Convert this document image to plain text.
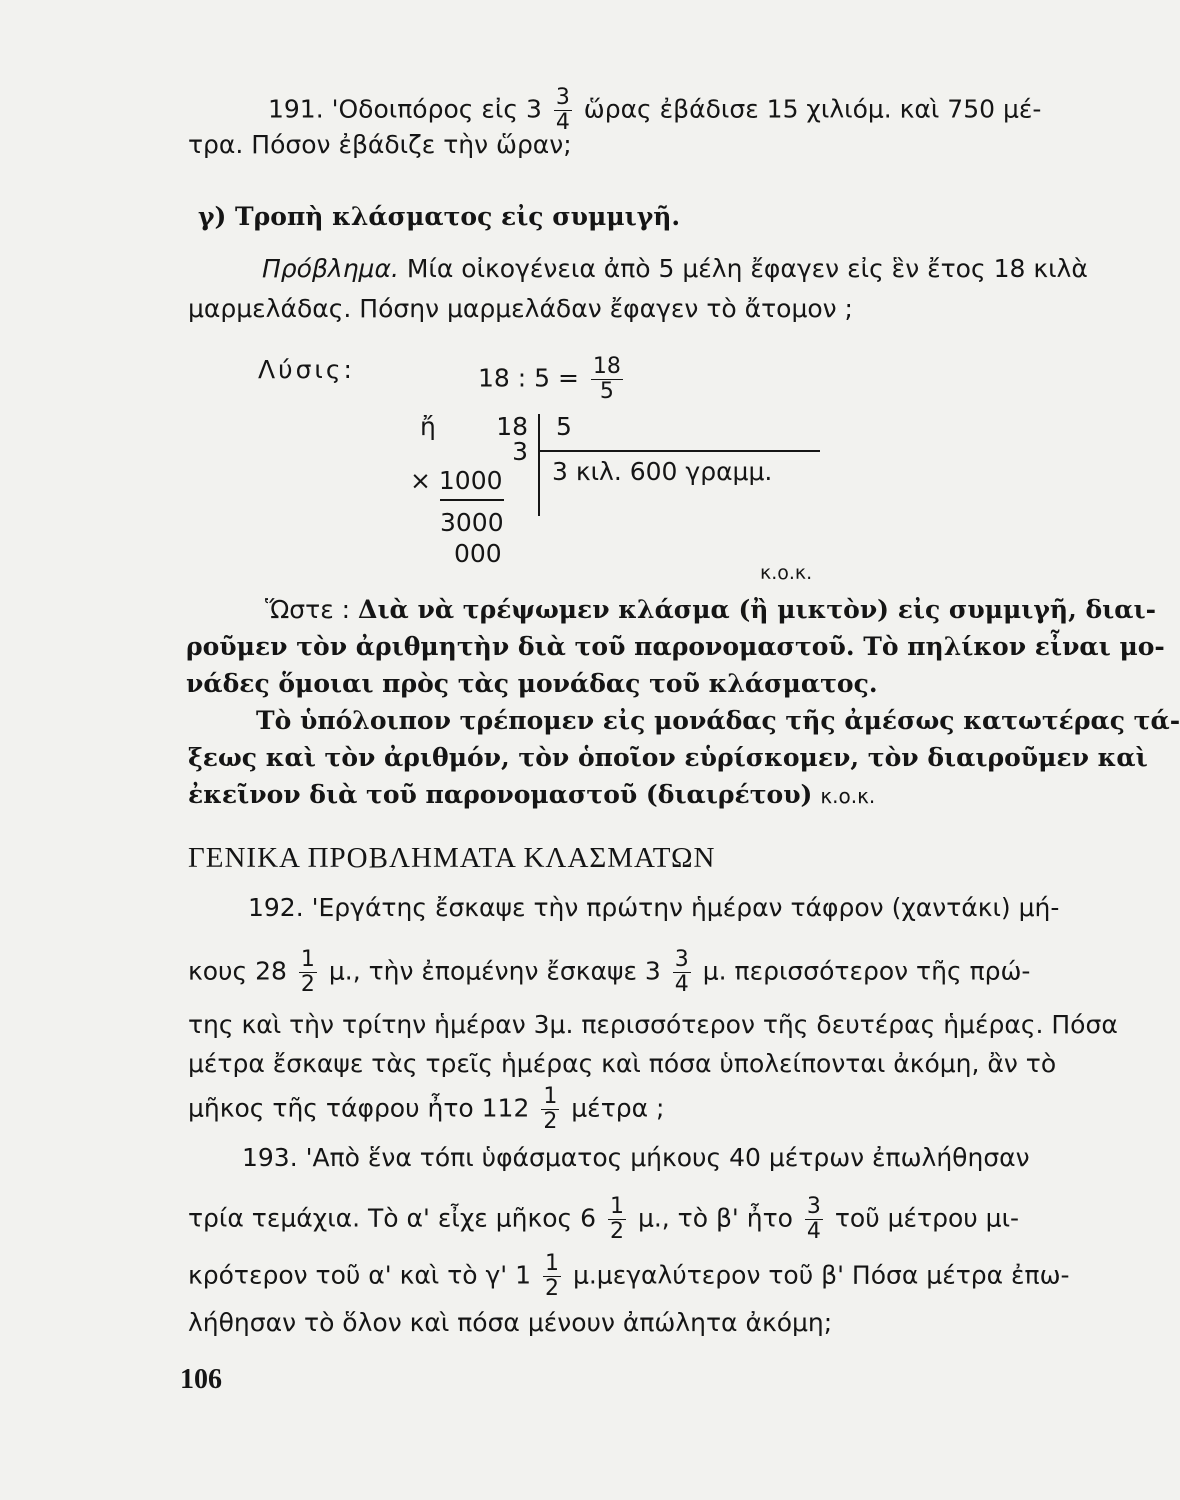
191. 'Οδοιπόρος εἰς $3 \frac{3}{4}$ ὥρας ἐβάδισε 15 χιλιόμ. καὶ 750 μέ-
τρα. Πόσον ἐβάδιζε τὴν ὥραν;
γ) Τροπὴ κλάσματος εἰς συμμιγῆ.
Πρόβλημα. Μία οἰκογένεια ἀπὸ 5 μέλη ἔφαγεν εἰς ἓν ἔτος 18 κιλὰ
μαρμελάδας. Πόσην μαρμελάδαν ἔφαγεν τὸ ἄτομον ;
Λύσις:	18 : $5 = \frac{18}{5}$
ἤ	18
3
× 1000
3000
000
5
3 κιλ. 600 γραμμ.
κ.ο.κ.
Ὥστε : Διὰ νὰ τρέψωμεν κλάσμα (ἢ μικτὸν) εἰς συμμιγῆ, διαι-
ροῦμεν τὸν ἀριθμητὴν διὰ τοῦ παρονομαστοῦ. Τὸ πηλίκον εἶναι μο-
νάδες ὅμοιαι πρὸς τὰς μονάδας τοῦ κλάσματος.
Τὸ ὑπόλοιπον τρέπομεν εἰς μονάδας τῆς ἀμέσως κατωτέρας τά-
ξεως καὶ τὸν ἀριθμόν, τὸν ὁποῖον εὑρίσκομεν, τὸν διαιροῦμεν καὶ
ἐκεῖνον διὰ τοῦ παρονομαστοῦ (διαιρέτου) κ.ο.κ.
ΓΕΝΙΚΑ ΠΡΟΒΛΗΜΑΤΑ ΚΛΑΣΜΑΤΩΝ
192. 'Εργάτης ἔσκαψε τὴν πρώτην ἡμέραν τάφρον (χαντάκι) μή-
κους $28 \frac{1}{2} \mu$., τὴν ἐπομένην ἔσκαψε $3 \frac{3}{4} \mu$. περισσότερον τῆς πρώ-
της καὶ τὴν τρίτην ἡμέραν 3μ. περισσότερον τῆς δευτέρας ἡμέρας. Πόσα
μέτρα ἔσκαψε τὰς τρεῖς ἡμέρας καὶ πόσα ὑπολείπονται ἀκόμη, ἂν τὸ
μῆκος τῆς τάφρου ἦτο $112 \frac{1}{2}$ μέτρα ;
193. 'Απὸ ἕνα τόπι ὑφάσματος μήκους 40 μέτρων ἐπωλήθησαν
τρία τεμάχια. Τὸ α' εἶχε μῆκος $6 \frac{1}{2} \mu$., τὸ β' ἦτο $\frac{3}{4}$ τοῦ μέτρου μι-
κρότερον τοῦ α' καὶ τὸ γ' $1 \frac{1}{2} \mu.\mu\varepsilon\gamma\alpha\lambda ύ\tau\varepsilon\rho o\nu$ τοῦ β' Πόσα μέτρα ἐπω-
λήθησαν τὸ ὅλον καὶ πόσα μένουν ἀπώλητα ἀκόμη;
106
